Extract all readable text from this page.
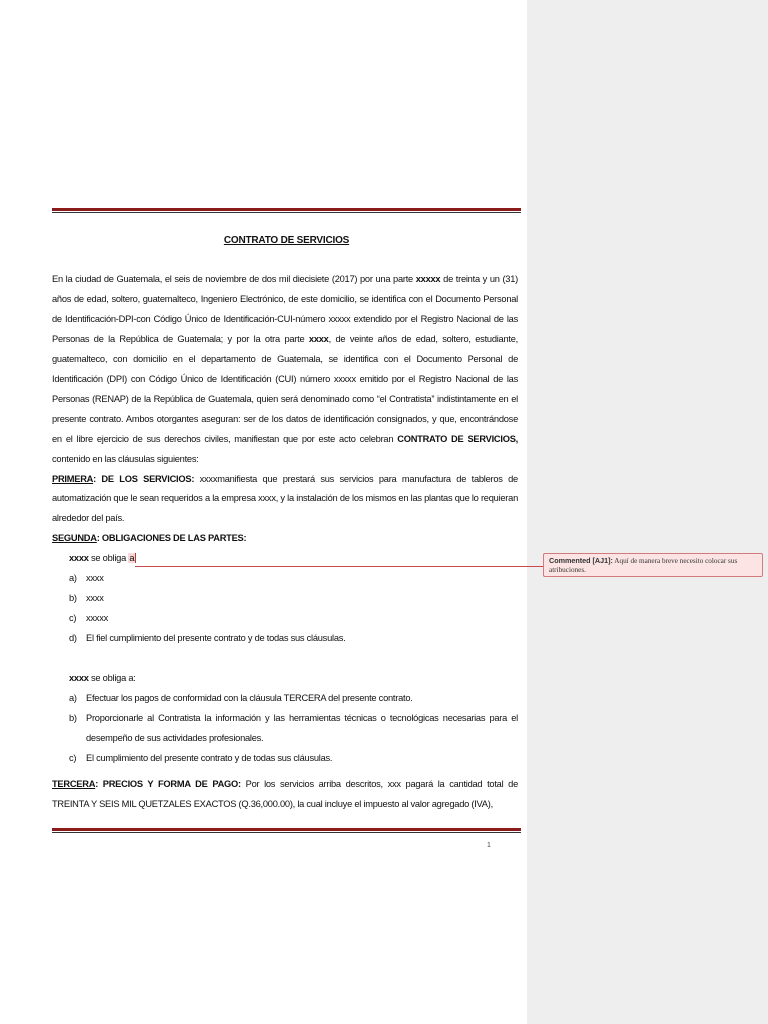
CONTRATO DE SERVICIOS

En la ciudad de Guatemala, el seis de noviembre de dos mil diecisiete (2017) por una parte xxxxx de treinta y un (31) años de edad, soltero, guatemalteco, Ingeniero Electrónico, de este domicilio, se identifica con el Documento Personal de Identificación-DPI-con Código Único de Identificación-CUI-número xxxxx extendido por el Registro Nacional de las Personas de la República de Guatemala; y por la otra parte xxxx, de veinte años de edad, soltero, estudiante, guatemalteco, con domicilio en el departamento de Guatemala, se identifica con el Documento Personal de Identificación (DPI) con Código Único de Identificación (CUI) número xxxxx emitido por el Registro Nacional de las Personas (RENAP) de la República de Guatemala, quien será denominado como “el Contratista” indistintamente en el presente contrato. Ambos otorgantes aseguran: ser de los datos de identificación consignados, y que, encontrándose en el libre ejercicio de sus derechos civiles, manifiestan que por este acto celebran CONTRATO DE SERVICIOS, contenido en las cláusulas siguientes:

PRIMERA: DE LOS SERVICIOS: xxxxmanifiesta que prestará sus servicios para manufactura de tableros de automatización que le sean requeridos a la empresa xxxx, y la instalación de los mismos en las plantas que lo requieran alrededor del país.

SEGUNDA: OBLIGACIONES DE LAS PARTES:

xxxx se obliga a

a) xxxx
b) xxxx
c) xxxxx
d) El fiel cumplimiento del presente contrato y de todas sus cláusulas.

xxxx se obliga a:

a) Efectuar los pagos de conformidad con la cláusula TERCERA del presente contrato.
b) Proporcionarle al Contratista la información y las herramientas técnicas o tecnológicas necesarias para el desempeño de sus actividades profesionales.
c) El cumplimiento del presente contrato y de todas sus cláusulas.

TERCERA: PRECIOS Y FORMA DE PAGO: Por los servicios arriba descritos, xxx pagará la cantidad total de TREINTA Y SEIS MIL QUETZALES EXACTOS (Q.36,000.00), la cual incluye el impuesto al valor agregado (IVA),

Commented [AJ1]: Aquí de manera breve necesito colocar sus atribuciones.
1
